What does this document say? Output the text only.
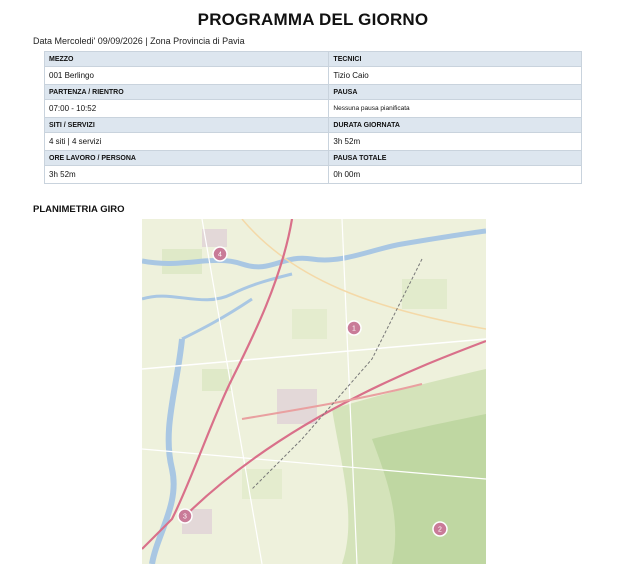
PROGRAMMA DEL GIORNO
Data Mercoledi' 09/09/2026 | Zona Provincia di Pavia
MEZZO	TECNICI
001 Berlingo	Tizio Caio
PARTENZA / RIENTRO	PAUSA
07:00 - 10:52	Nessuna pausa pianificata
SITI / SERVIZI	DURATA GIORNATA
4 siti | 4 servizi	3h 52m
ORE LAVORO / PERSONA	PAUSA TOTALE
3h 52m	0h 00m
PLANIMETRIA GIRO
1
2
3
4
